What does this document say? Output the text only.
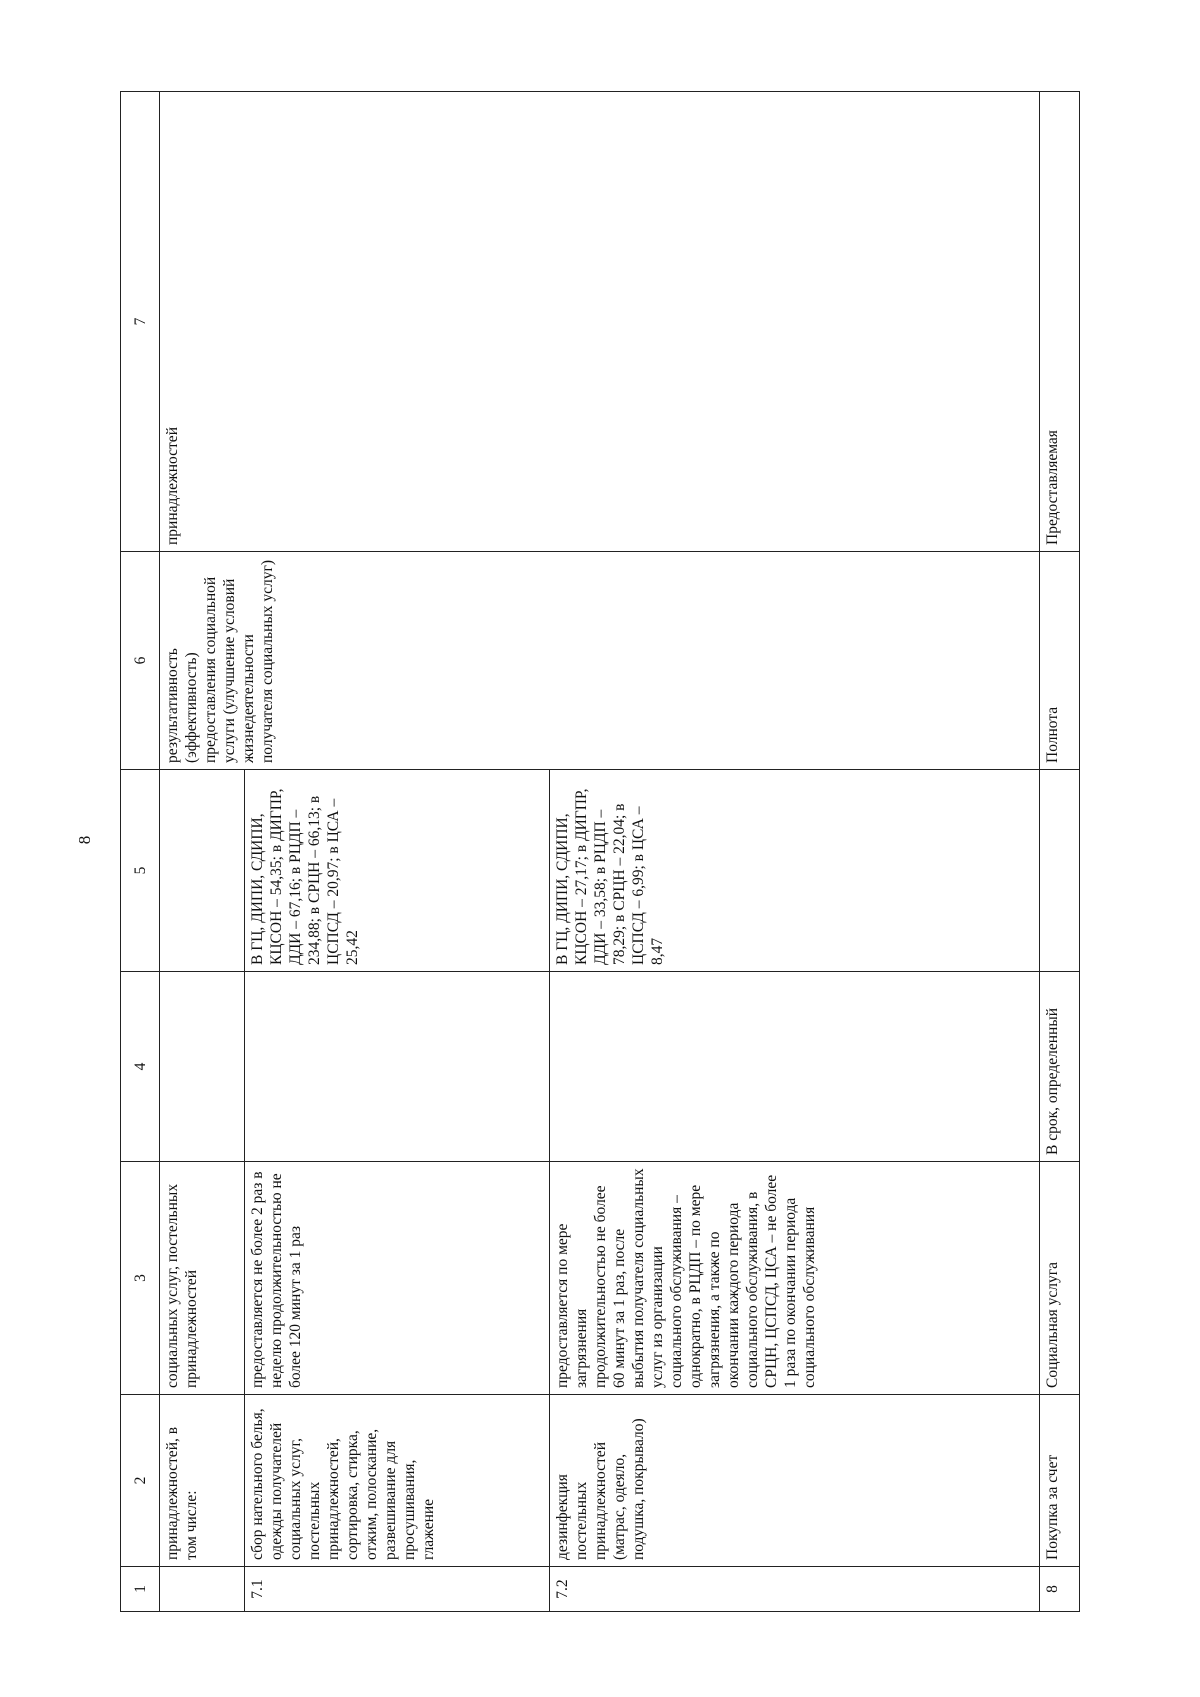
8
1	2	3	4	5	6	7
	принадлежностей, в том числе:	социальных услуг, постельных принадлежностей			результативность (эффективность) предоставления социальной услуги (улучшение условий жизнедеятельности получателя социальных услуг)	принадлежностей
7.1	сбор нательного белья, одежды получателей социальных услуг, постельных принадлежностей, сортировка, стирка, отжим, полоскание, развешивание для просушивания, глажение	предоставляется не более 2 раз в неделю продолжительностью не более 120 минут за 1 раз		В ГЦ, ДИПИ, СДИПИ, КЦСОН – 54,35; в ДИГПР, ДДИ – 67,16; в РЦДП – 234,88; в СРЦН – 66,13; в ЦСПСД – 20,97; в ЦСА – 25,42		
7.2	дезинфекция постельных принадлежностей (матрас, одеяло, подушка, покрывало)	предоставляется по мере загрязнения продолжительностью не более 60 минут за 1 раз, после выбытия получателя социальных услуг из организации социального обслуживания – однократно, в РЦДП – по мере загрязнения, а также по окончании каждого периода социального обслуживания, в СРЦН, ЦСПСД, ЦСА – не более 1 раза по окончании периода социального обслуживания		В ГЦ, ДИПИ, СДИПИ, КЦСОН – 27,17; в ДИГПР, ДДИ – 33,58; в РЦДП – 78,29; в СРЦН – 22,04; в ЦСПСД – 6,99; в ЦСА – 8,47		
8	Покупка за счет	Социальная услуга	В срок, определенный		Полнота	Предоставляемая
